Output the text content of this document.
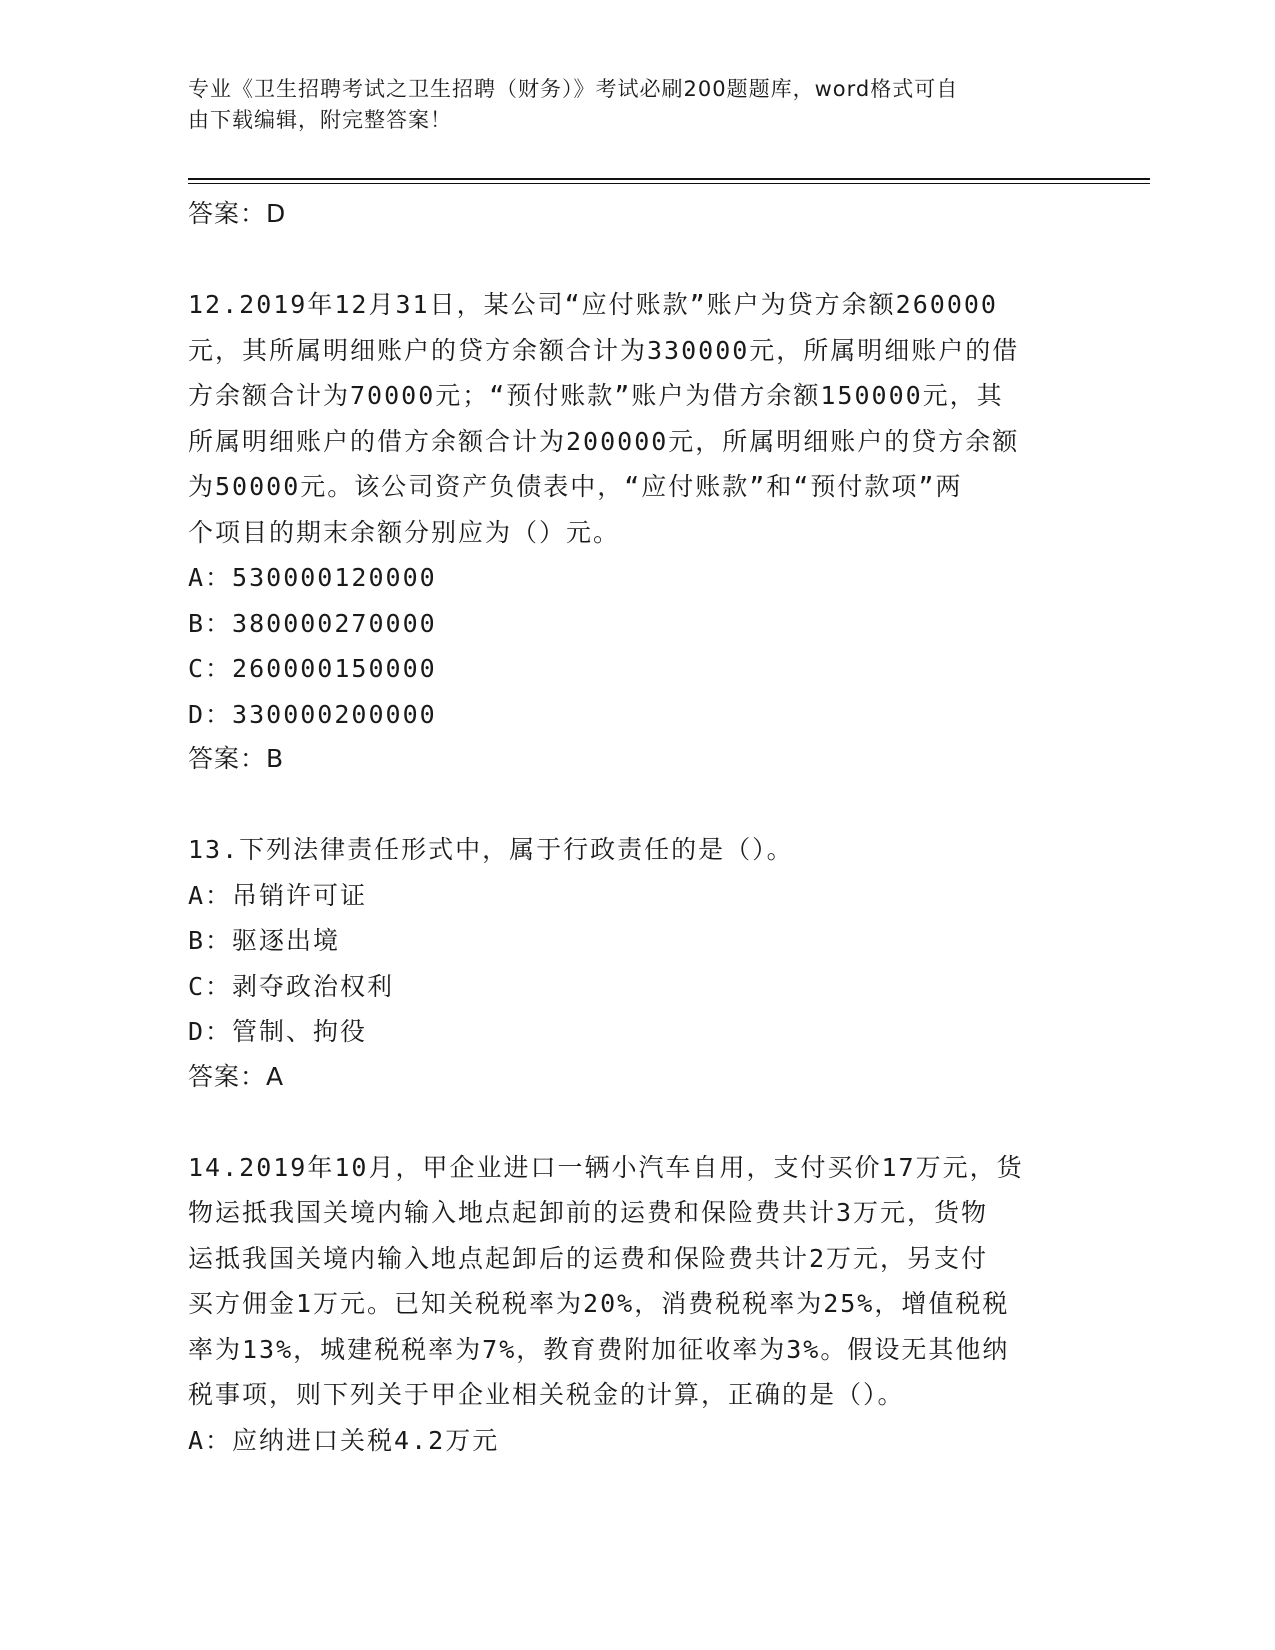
专业《卫生招聘考试之卫生招聘（财务）》考试必刷200题题库，word格式可自
由下载编辑，附完整答案！
答案：D
12.2019年12月31日，某公司“应付账款”账户为贷方余额260000
元，其所属明细账户的贷方余额合计为330000元，所属明细账户的借
方余额合计为70000元；“预付账款”账户为借方余额150000元，其
所属明细账户的借方余额合计为200000元，所属明细账户的贷方余额
为50000元。该公司资产负债表中，“应付账款”和“预付款项”两
个项目的期末余额分别应为（）元。
A：530000120000
B：380000270000
C：260000150000
D：330000200000
答案：B
13.下列法律责任形式中，属于行政责任的是（）。
A：吊销许可证
B：驱逐出境
C：剥夺政治权利
D：管制、拘役
答案：A
14.2019年10月，甲企业进口一辆小汽车自用，支付买价17万元，货
物运抵我国关境内输入地点起卸前的运费和保险费共计3万元，货物
运抵我国关境内输入地点起卸后的运费和保险费共计2万元，另支付
买方佣金1万元。已知关税税率为20%，消费税税率为25%，增值税税
率为13%，城建税税率为7%，教育费附加征收率为3%。假设无其他纳
税事项，则下列关于甲企业相关税金的计算，正确的是（）。
A：应纳进口关税4.2万元
